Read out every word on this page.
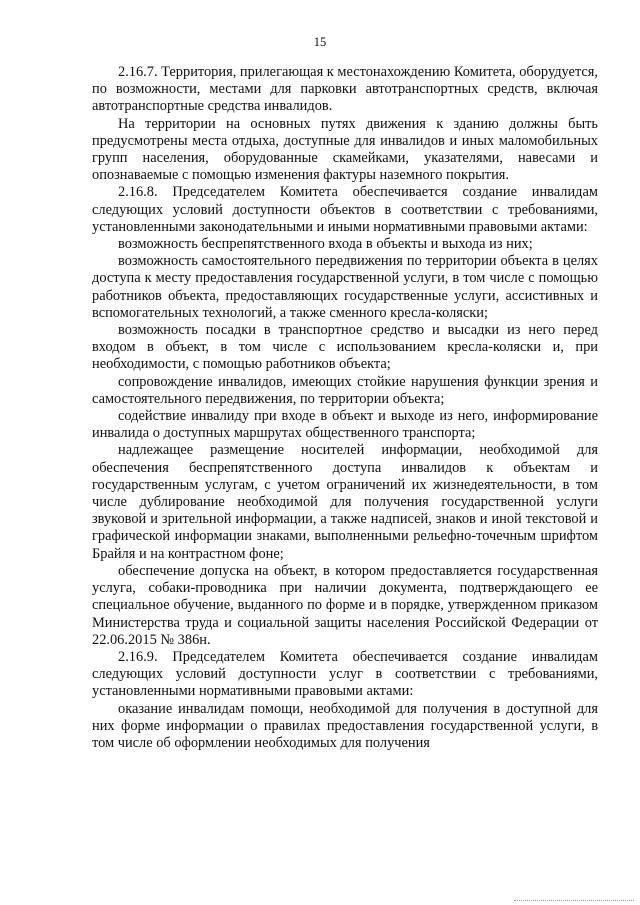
15

2.16.7. Территория, прилегающая к местонахождению Комитета, оборудуется, по возможности, местами для парковки автотранспортных средств, включая автотранспортные средства инвалидов.

На территории на основных путях движения к зданию должны быть предусмотрены места отдыха, доступные для инвалидов и иных маломобильных групп населения, оборудованные скамейками, указателями, навесами и опознаваемые с помощью изменения фактуры наземного покрытия.

2.16.8. Председателем Комитета обеспечивается создание инвалидам следующих условий доступности объектов в соответствии с требованиями, установленными законодательными и иными нормативными правовыми актами:

возможность беспрепятственного входа в объекты и выхода из них;

возможность самостоятельного передвижения по территории объекта в целях доступа к месту предоставления государственной услуги, в том числе с помощью работников объекта, предоставляющих государственные услуги, ассистивных и вспомогательных технологий, а также сменного кресла-коляски;

возможность посадки в транспортное средство и высадки из него перед входом в объект, в том числе с использованием кресла-коляски и, при необходимости, с помощью работников объекта;

сопровождение инвалидов, имеющих стойкие нарушения функции зрения и самостоятельного передвижения, по территории объекта;

содействие инвалиду при входе в объект и выходе из него, информирование инвалида о доступных маршрутах общественного транспорта;

надлежащее размещение носителей информации, необходимой для обеспечения беспрепятственного доступа инвалидов к объектам и государственным услугам, с учетом ограничений их жизнедеятельности, в том числе дублирование необходимой для получения государственной услуги звуковой и зрительной информации, а также надписей, знаков и иной текстовой и графической информации знаками, выполненными рельефно-точечным шрифтом Брайля и на контрастном фоне;

обеспечение допуска на объект, в котором предоставляется государственная услуга, собаки-проводника при наличии документа, подтверждающего ее специальное обучение, выданного по форме и в порядке, утвержденном приказом Министерства труда и социальной защиты населения Российской Федерации от 22.06.2015 № 386н.

2.16.9. Председателем Комитета обеспечивается создание инвалидам следующих условий доступности услуг в соответствии с требованиями, установленными нормативными правовыми актами:

оказание инвалидам помощи, необходимой для получения в доступной для них форме информации о правилах предоставления государственной услуги, в том числе об оформлении необходимых для получения
